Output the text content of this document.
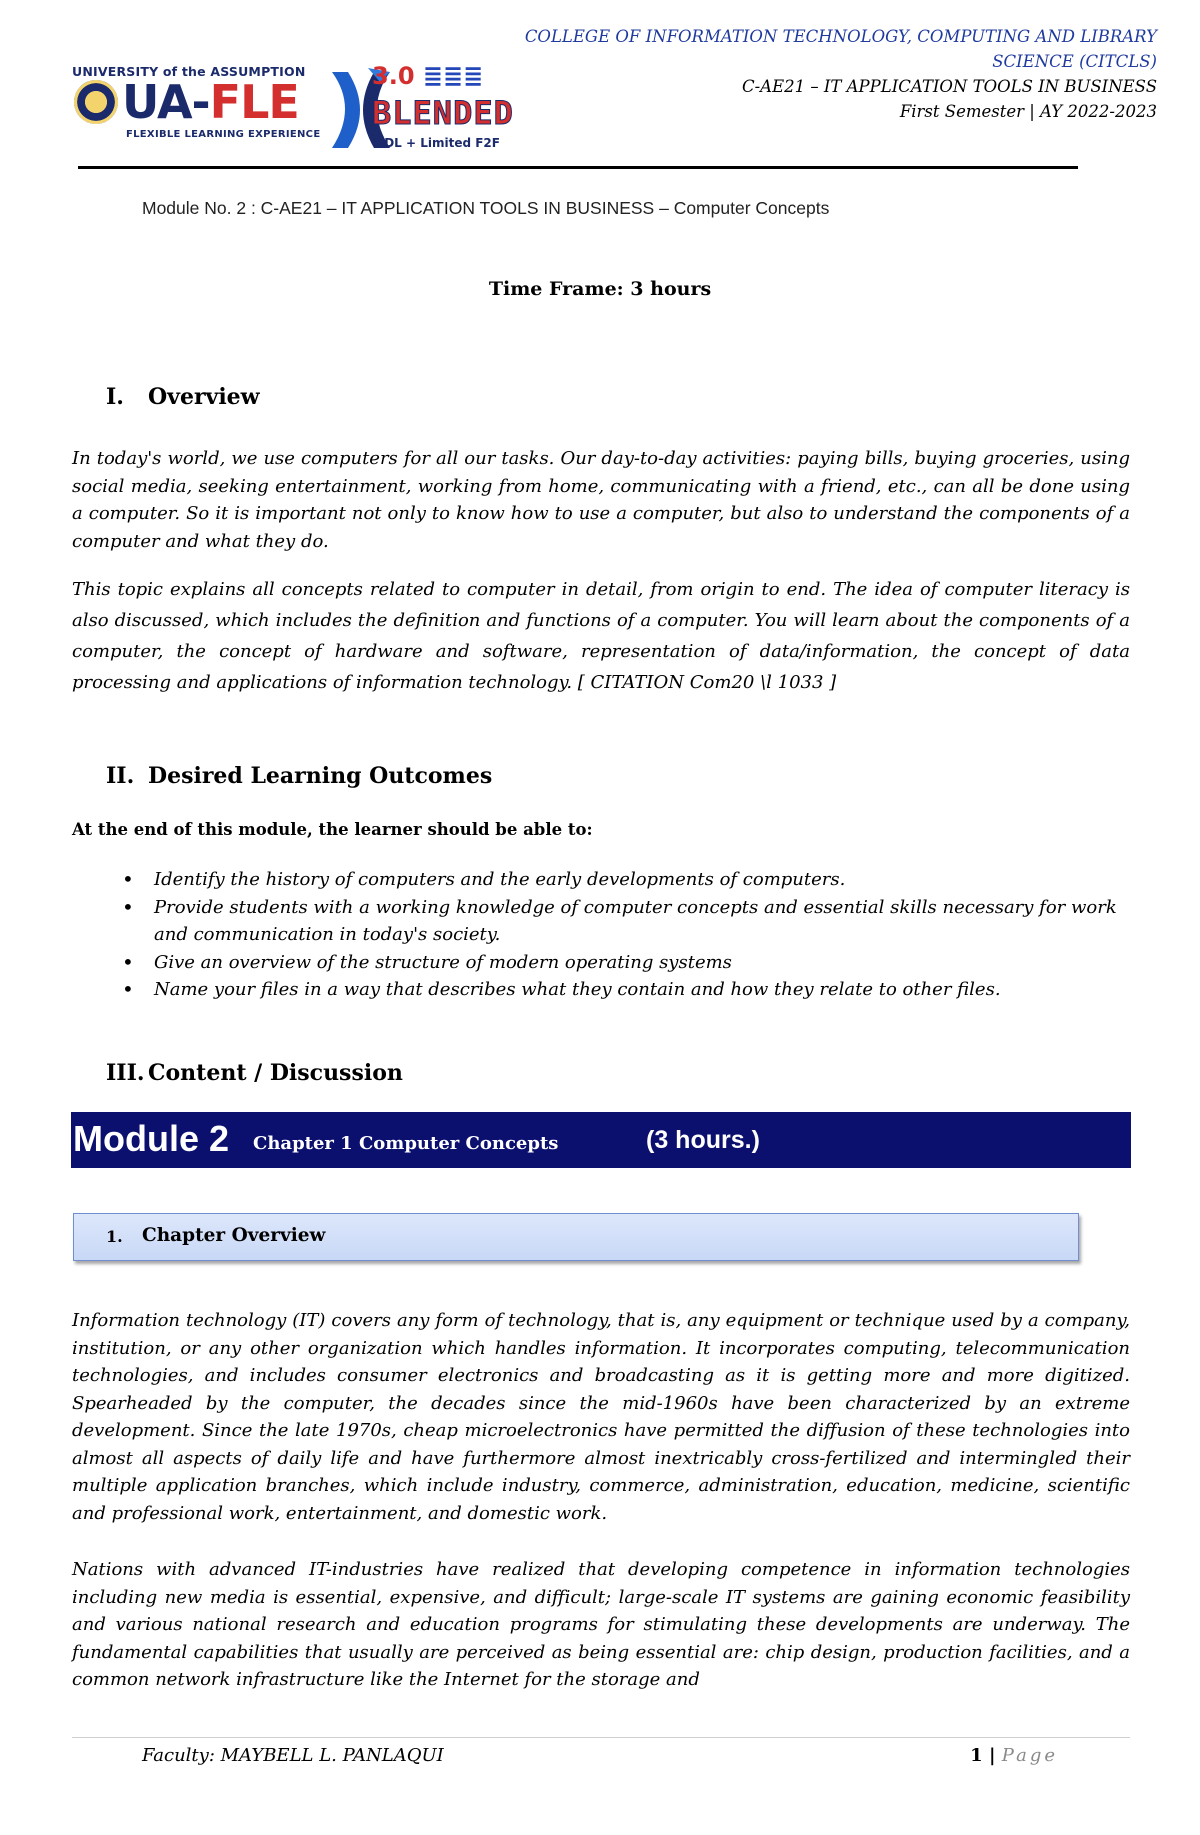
UNIVERSITY of the ASSUMPTION
UA-FLE
FLEXIBLE LEARNING EXPERIENCE
3.0 ≣≣≣
BLENDED
ODL + Limited F2F
COLLEGE OF INFORMATION TECHNOLOGY, COMPUTING AND LIBRARY
SCIENCE (CITCLS)
C-AE21 – IT APPLICATION TOOLS IN BUSINESS
First Semester | AY 2022-2023
Module No. 2 : C-AE21 – IT APPLICATION TOOLS IN BUSINESS – Computer Concepts
Time Frame: 3 hours
I. Overview

In today's world, we use computers for all our tasks. Our day-to-day activities: paying bills, buying groceries, using social media, seeking entertainment, working from home, communicating with a friend, etc., can all be done using a computer. So it is important not only to know how to use a computer, but also to understand the components of a computer and what they do.

This topic explains all concepts related to computer in detail, from origin to end. The idea of computer literacy is also discussed, which includes the definition and functions of a computer. You will learn about the components of a computer, the concept of hardware and software, representation of data/information, the concept of data processing and applications of information technology. [ CITATION Com20 \l 1033 ]

II. Desired Learning Outcomes
At the end of this module, the learner should be able to:
• Identify the history of computers and the early developments of computers.
• Provide students with a working knowledge of computer concepts and essential skills necessary for work and communication in today's society.
• Give an overview of the structure of modern operating systems
• Name your files in a way that describes what they contain and how they relate to other files.
III. Content / Discussion
Module 2 Chapter 1 Computer Concepts	(3 hours.)
1. Chapter Overview

Information technology (IT) covers any form of technology, that is, any equipment or technique used by a company, institution, or any other organization which handles information. It incorporates computing, telecommunication technologies, and includes consumer electronics and broadcasting as it is getting more and more digitized. Spearheaded by the computer, the decades since the mid-1960s have been characterized by an extreme development. Since the late 1970s, cheap microelectronics have permitted the diffusion of these technologies into almost all aspects of daily life and have furthermore almost inextricably cross-fertilized and intermingled their multiple application branches, which include industry, commerce, administration, education, medicine, scientific and professional work, entertainment, and domestic work.

Nations with advanced IT-industries have realized that developing competence in information technologies including new media is essential, expensive, and difficult; large-scale IT systems are gaining economic feasibility and various national research and education programs for stimulating these developments are underway. The fundamental capabilities that usually are perceived as being essential are: chip design, production facilities, and a common network infrastructure like the Internet for the storage and

Faculty: MAYBELL L. PANLAQUI	1 | Page
